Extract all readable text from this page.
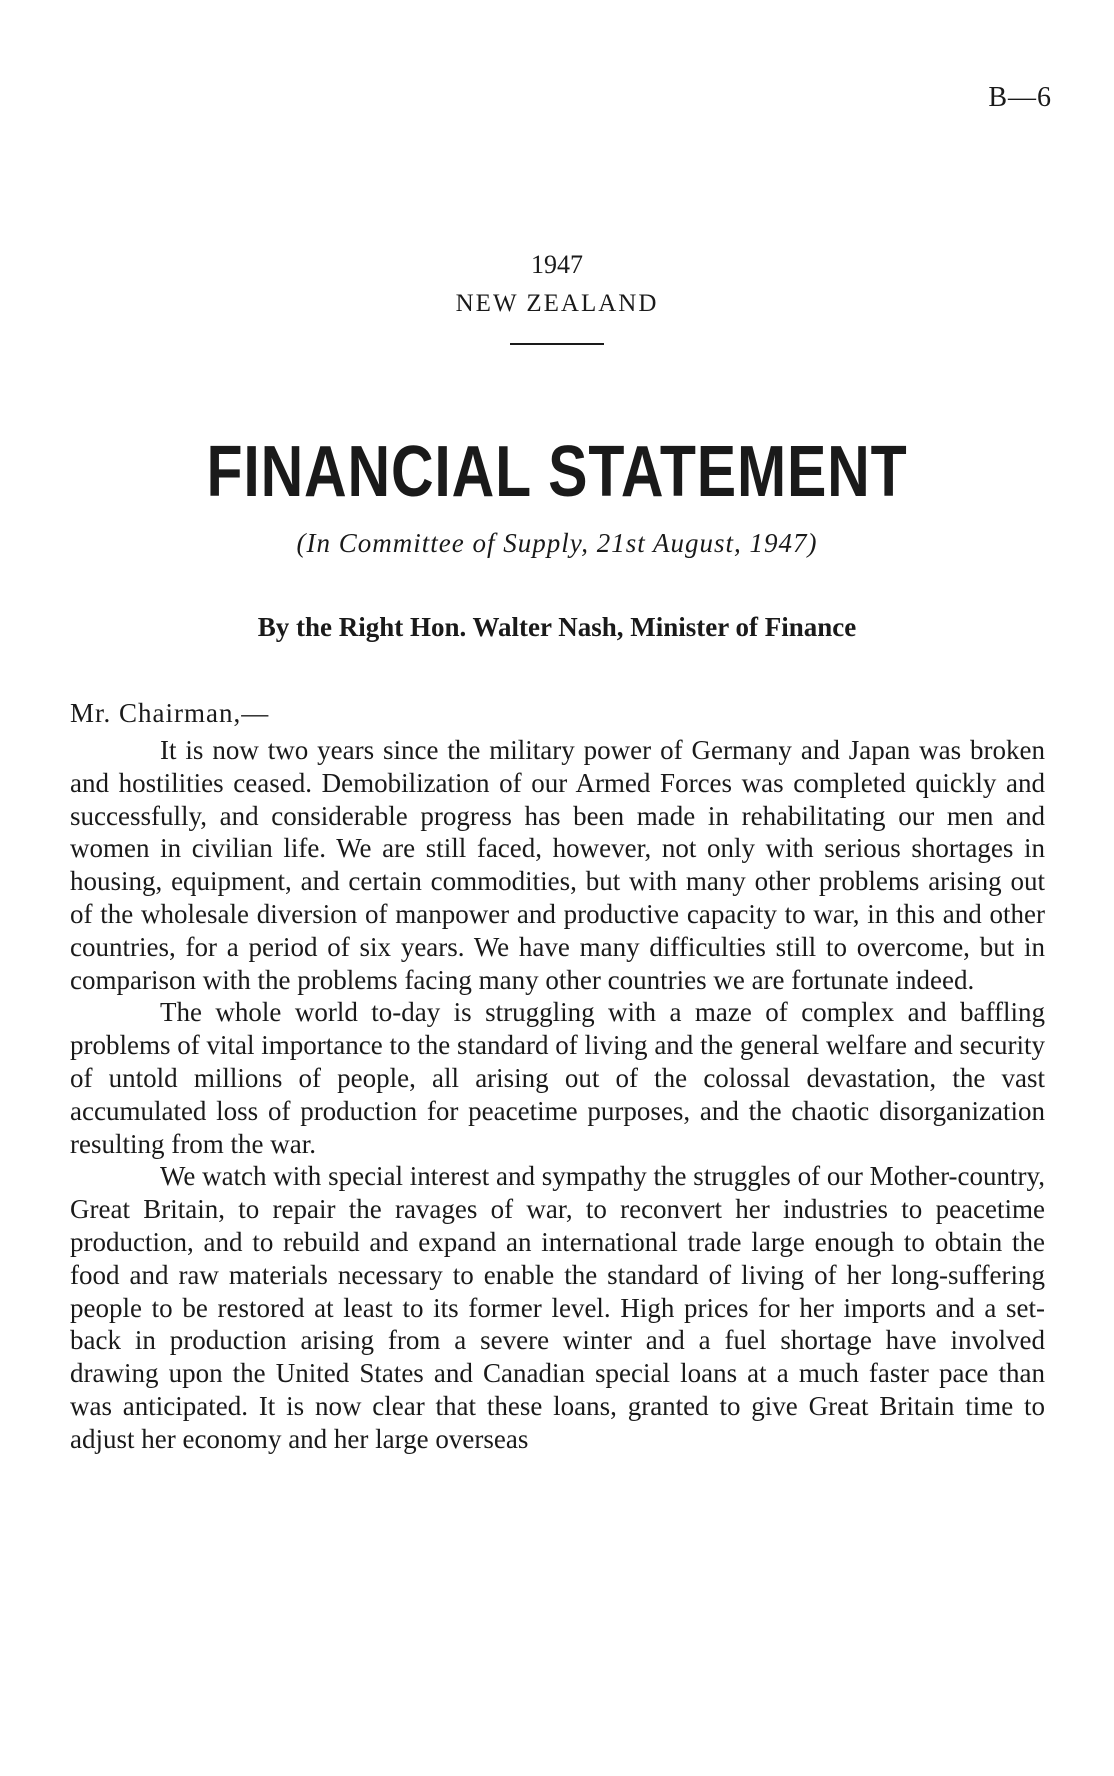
B—6
1947
NEW ZEALAND
FINANCIAL STATEMENT
(In Committee of Supply, 21st August, 1947)
By the Right Hon. Walter Nash, Minister of Finance
Mr. Chairman,—

It is now two years since the military power of Germany and Japan was broken and hostilities ceased. Demobilization of our Armed Forces was completed quickly and successfully, and considerable progress has been made in rehabilitating our men and women in civilian life. We are still faced, however, not only with serious shortages in housing, equipment, and certain commodities, but with many other problems arising out of the wholesale diversion of manpower and productive capacity to war, in this and other countries, for a period of six years. We have many difficulties still to overcome, but in comparison with the problems facing many other countries we are fortunate indeed.

The whole world to-day is struggling with a maze of complex and baffling problems of vital importance to the standard of living and the general welfare and security of untold millions of people, all arising out of the colossal devastation, the vast accumulated loss of production for peacetime purposes, and the chaotic disorganization resulting from the war.

We watch with special interest and sympathy the struggles of our Mother-country, Great Britain, to repair the ravages of war, to reconvert her industries to peacetime production, and to rebuild and expand an international trade large enough to obtain the food and raw materials necessary to enable the standard of living of her long-suffering people to be restored at least to its former level. High prices for her imports and a set-back in production arising from a severe winter and a fuel shortage have involved drawing upon the United States and Canadian special loans at a much faster pace than was anticipated. It is now clear that these loans, granted to give Great Britain time to adjust her economy and her large overseas
